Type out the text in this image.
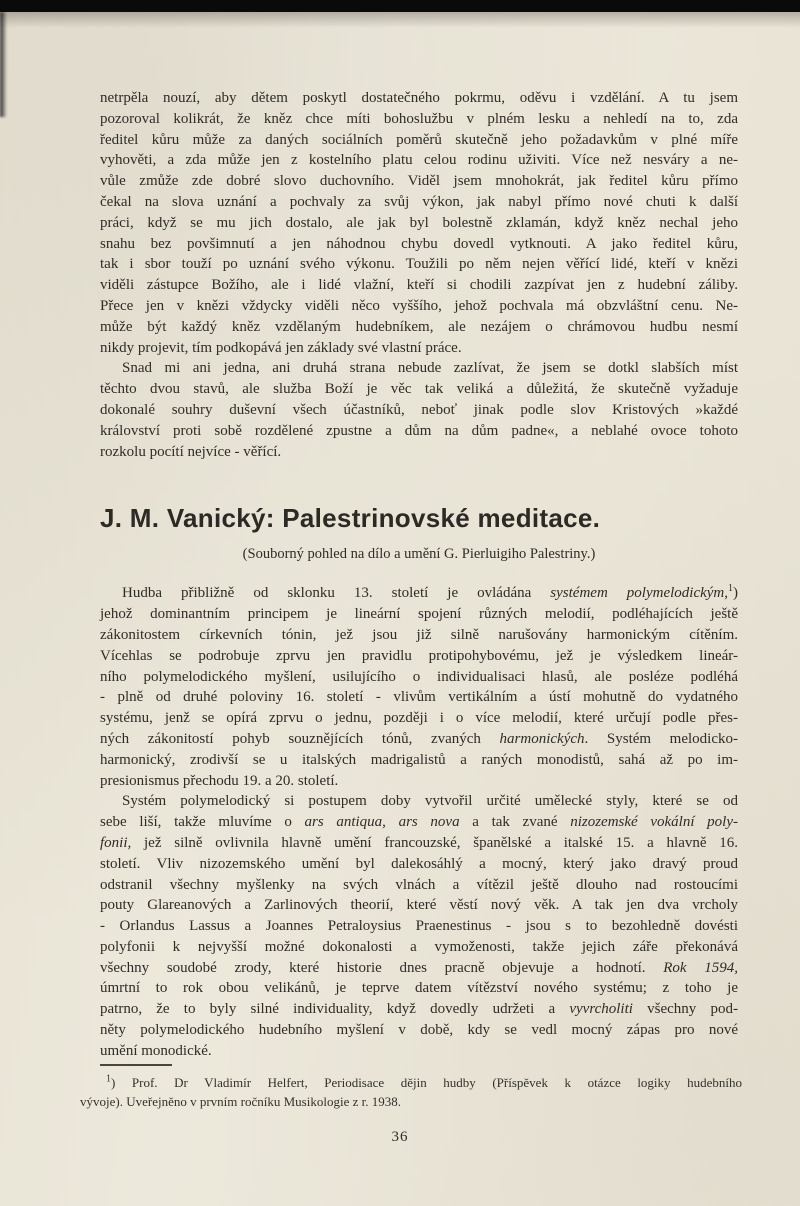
netrpěla nouzí, aby dětem poskytl dostatečného pokrmu, oděvu i vzdělání. A tu jsem
pozoroval kolikrát, že kněz chce míti bohoslužbu v plném lesku a nehledí na to, zda
ředitel kůru může za daných sociálních poměrů skutečně jeho požadavkům v plné míře
vyhověti, a zda může jen z kostelního platu celou rodinu uživiti. Více než nesváry a ne-
vůle zmůže zde dobré slovo duchovního. Viděl jsem mnohokrát, jak ředitel kůru přímo
čekal na slova uznání a pochvaly za svůj výkon, jak nabyl přímo nové chuti k další
práci, když se mu jich dostalo, ale jak byl bolestně zklamán, když kněz nechal jeho
snahu bez povšimnutí a jen náhodnou chybu dovedl vytknouti. A jako ředitel kůru,
tak i sbor touží po uznání svého výkonu. Toužili po něm nejen věřící lidé, kteří v knězi
viděli zástupce Božího, ale i lidé vlažní, kteří si chodili zazpívat jen z hudební záliby.
Přece jen v knězi vždycky viděli něco vyššího, jehož pochvala má obzvláštní cenu. Ne-
může být každý kněz vzdělaným hudebníkem, ale nezájem o chrámovou hudbu nesmí
nikdy projevit, tím podkopává jen základy své vlastní práce.
Snad mi ani jedna, ani druhá strana nebude zazlívat, že jsem se dotkl slabších míst
těchto dvou stavů, ale služba Boží je věc tak veliká a důležitá, že skutečně vyžaduje
dokonalé souhry duševní všech účastníků, neboť jinak podle slov Kristových »každé
království proti sobě rozdělené zpustne a dům na dům padne«, a neblahé ovoce tohoto
rozkolu pocítí nejvíce - věřící.
J. M. Vanický: Palestrinovské meditace.

(Souborný pohled na dílo a umění G. Pierluigiho Palestriny.)

Hudba přibližně od sklonku 13. století je ovládána systémem polymelodickým,$^1$)
jehož dominantním principem je lineární spojení různých melodií, podléhajících ještě
zákonitostem církevních tónin, jež jsou již silně narušovány harmonickým cítěním.
Vícehlas se podrobuje zprvu jen pravidlu protipohybovému, jež je výsledkem lineár-
ního polymelodického myšlení, usilujícího o individualisaci hlasů, ale posléze podléhá
- plně od druhé poloviny 16. století - vlivům vertikálním a ústí mohutně do vydatného
systému, jenž se opírá zprvu o jednu, později i o více melodií, které určují podle přes-
ných zákonitostí pohyb souznějících tónů, zvaných harmonických. Systém melodicko-
harmonický, zrodivší se u italských madrigalistů a raných monodistů, sahá až po im-
presionismus přechodu 19. a 20. století.
Systém polymelodický si postupem doby vytvořil určité umělecké styly, které se od
sebe liší, takže mluvíme o ars antiqua, ars nova a tak zvané nizozemské vokální poly-
fonii, jež silně ovlivnila hlavně umění francouzské, španělské a italské 15. a hlavně 16.
století. Vliv nizozemského umění byl dalekosáhlý a mocný, který jako dravý proud
odstranil všechny myšlenky na svých vlnách a vítězil ještě dlouho nad rostoucími
pouty Glareanových a Zarlinových theorií, které věstí nový věk. A tak jen dva vrcholy
- Orlandus Lassus a Joannes Petraloysius Praenestinus - jsou s to bezohledně dovésti
polyfonii k nejvyšší možné dokonalosti a vymoženosti, takže jejich záře překonává
všechny soudobé zrody, které historie dnes pracně objevuje a hodnotí. Rok 1594,
úmrtní to rok obou velikánů, je teprve datem vítězství nového systému; z toho je
patrno, že to byly silné individuality, když dovedly udržeti a vyvrcholiti všechny pod-
něty polymelodického hudebního myšlení v době, kdy se vedl mocný zápas pro nové
umění monodické.
$^1$) Prof. Dr Vladimír Helfert, Periodisace dějin hudby (Příspěvek k otázce logiky hudebního
vývoje). Uveřejněno v prvním ročníku Musikologie z r. 1938.
36
